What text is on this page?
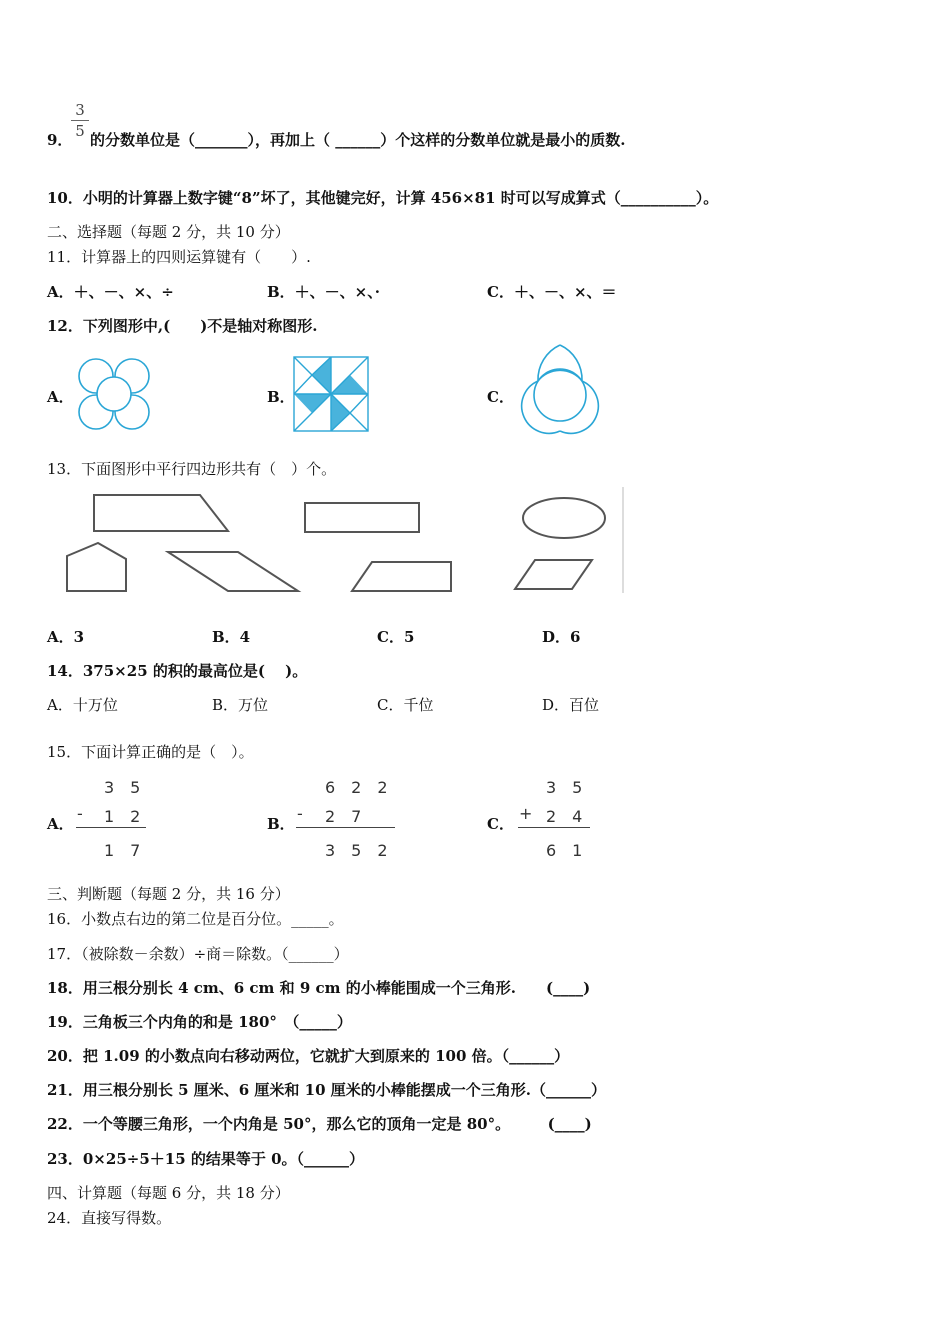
3
5
9． 的分数单位是（_______），再加上（ ______）个这样的分数单位就是最小的质数.
10．小明的计算器上数字键“8”坏了，其他键完好，计算 456×81 时可以写成算式（__________）。
二、选择题（每题 2 分，共 10 分）
11．计算器上的四则运算键有（　　）.
A．＋、－、×、÷	B．＋、－、×、·	C．＋、－、×、＝
12．下列图形中,(　　)不是轴对称图形.
A．	B．	C．
13．下面图形中平行四边形共有（　）个。
A．3	B．4	C．5	D．6
14．375×25 的积的最高位是(　 )。
A．十万位	B．万位	C．千位	D．百位
15．下面计算正确的是（　）。
A．	B．	C．
3　5
- 1　2
1　7
6　2　2
- 2　7
3　5　2
3　5
+ 2　4
6　1
三、判断题（每题 2 分，共 16 分）
16．小数点右边的第二位是百分位。_____。
17．（被除数－余数）÷商＝除数。（______）
18．用三根分别长 4 cm、6 cm 和 9 cm 的小棒能围成一个三角形.　　(____)
19．三角板三个内角的和是 180°　（_____）
20．把 1.09 的小数点向右移动两位，它就扩大到原来的 100 倍。（______）
21．用三根分别长 5 厘米、6 厘米和 10 厘米的小棒能摆成一个三角形.（______）
22．一个等腰三角形，一个内角是 50°，那么它的顶角一定是 80°。　　　(____)
23．0×25÷5＋15 的结果等于 0。（______）
四、计算题（每题 6 分，共 18 分）
24．直接写得数。
